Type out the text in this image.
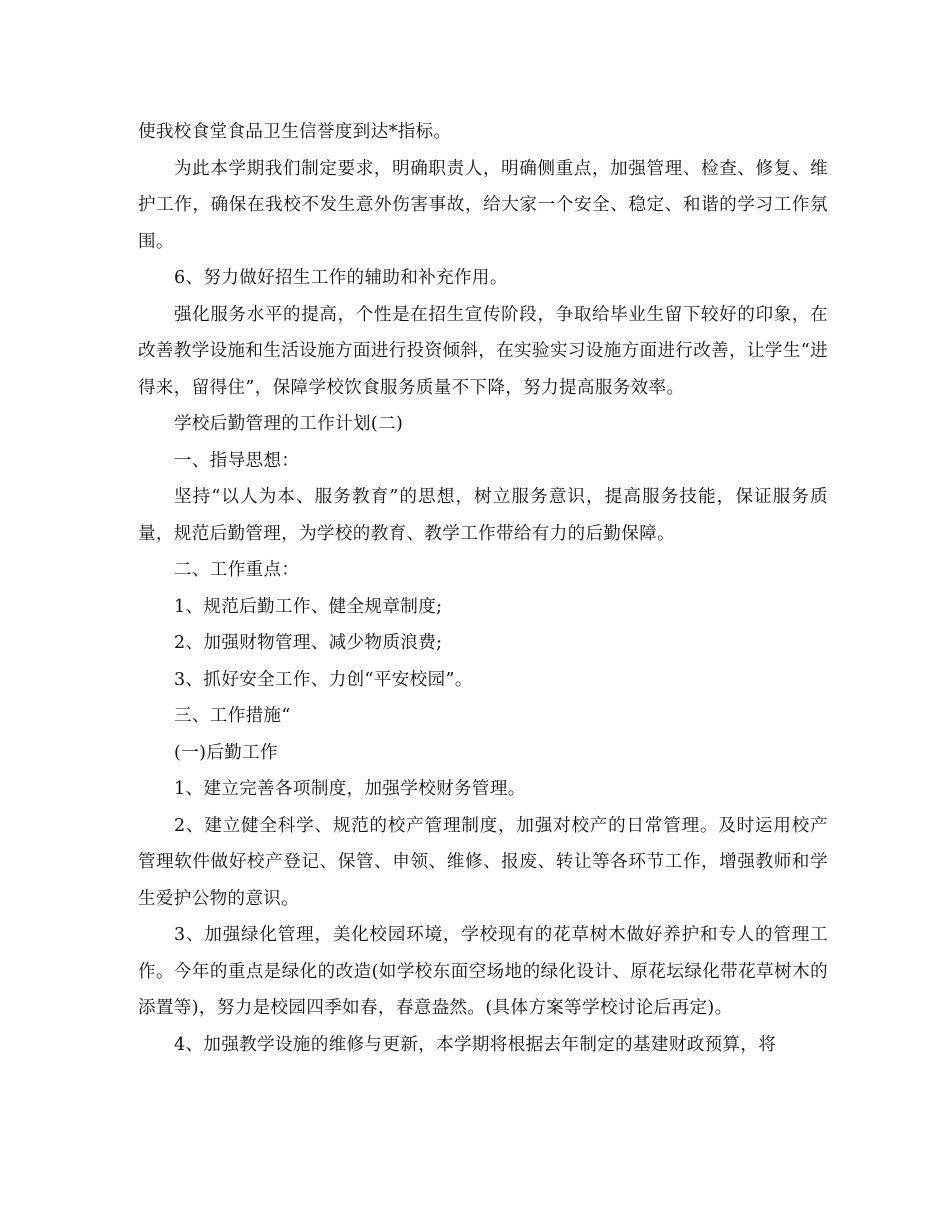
使我校食堂食品卫生信誉度到达*指标。

为此本学期我们制定要求，明确职责人，明确侧重点，加强管理、检查、修复、维护工作，确保在我校不发生意外伤害事故，给大家一个安全、稳定、和谐的学习工作氛围。

6、努力做好招生工作的辅助和补充作用。

强化服务水平的提高，个性是在招生宣传阶段，争取给毕业生留下较好的印象，在改善教学设施和生活设施方面进行投资倾斜，在实验实习设施方面进行改善，让学生“进得来，留得住”，保障学校饮食服务质量不下降，努力提高服务效率。

学校后勤管理的工作计划(二)

一、指导思想：

坚持“以人为本、服务教育”的思想，树立服务意识，提高服务技能，保证服务质量，规范后勤管理，为学校的教育、教学工作带给有力的后勤保障。

二、工作重点：

1、规范后勤工作、健全规章制度;

2、加强财物管理、减少物质浪费;

3、抓好安全工作、力创“平安校园”。

三、工作措施“

(一)后勤工作

1、建立完善各项制度，加强学校财务管理。

2、建立健全科学、规范的校产管理制度，加强对校产的日常管理。及时运用校产管理软件做好校产登记、保管、申领、维修、报废、转让等各环节工作，增强教师和学生爱护公物的意识。

3、加强绿化管理，美化校园环境，学校现有的花草树木做好养护和专人的管理工作。今年的重点是绿化的改造(如学校东面空场地的绿化设计、原花坛绿化带花草树木的添置等)，努力是校园四季如春，春意盎然。(具体方案等学校讨论后再定)。

4、加强教学设施的维修与更新，本学期将根据去年制定的基建财政预算，将
